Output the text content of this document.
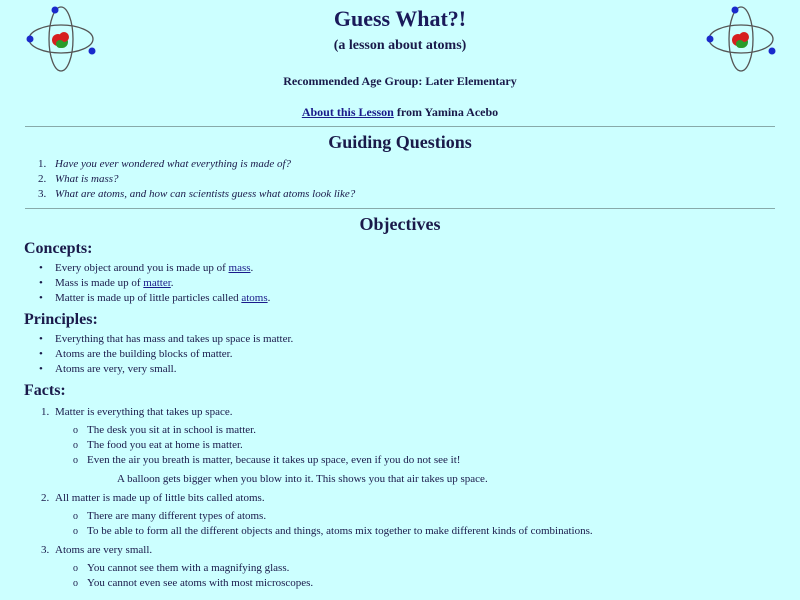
Guess What?!

(a lesson about atoms)

Recommended Age Group: Later Elementary

About this Lesson from Yamina Acebo

Guiding Questions
1. Have you ever wondered what everything is made of?
2. What is mass?
3. What are atoms, and how can scientists guess what atoms look like?
Objectives
Concepts:
• Every object around you is made up of mass.
• Mass is made up of matter.
• Matter is made up of little particles called atoms.
Principles:
• Everything that has mass and takes up space is matter.
• Atoms are the building blocks of matter.
• Atoms are very, very small.
Facts:
1. Matter is everything that takes up space.
o The desk you sit at in school is matter.
o The food you eat at home is matter.
o Even the air you breath is matter, because it takes up space, even if you do not see it!

A balloon gets bigger when you blow into it. This shows you that air takes up space.

2. All matter is made up of little bits called atoms.
o There are many different types of atoms.
o To be able to form all the different objects and things, atoms mix together to make different kinds of combinations.
3. Atoms are very small.
o You cannot see them with a magnifying glass.
o You cannot even see atoms with most microscopes.
